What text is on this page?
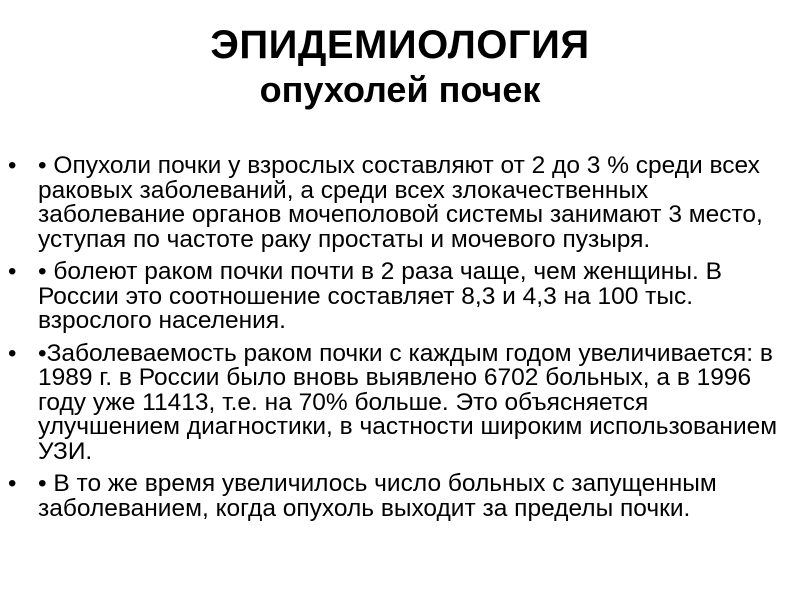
ЭПИДЕМИОЛОГИЯ
опухолей почек
• • Опухоли почки у взрослых составляют от 2 до 3 % среди всех раковых заболеваний, а среди всех злокачественных заболевание органов мочеполовой системы занимают 3 место, уступая по частоте раку простаты и мочевого пузыря.
• • болеют раком почки почти в 2 раза чаще, чем женщины. В России это соотношение составляет 8,3 и 4,3 на 100 тыс. взрослого населения.
• •Заболеваемость раком почки с каждым годом увеличивается: в 1989 г. в России было вновь выявлено 6702 больных, а в 1996 году уже 11413, т.е. на 70% больше. Это объясняется улучшением диагностики, в частности широким использованием УЗИ.
• • В то же время увеличилось число больных с запущенным заболеванием, когда опухоль выходит за пределы почки.
